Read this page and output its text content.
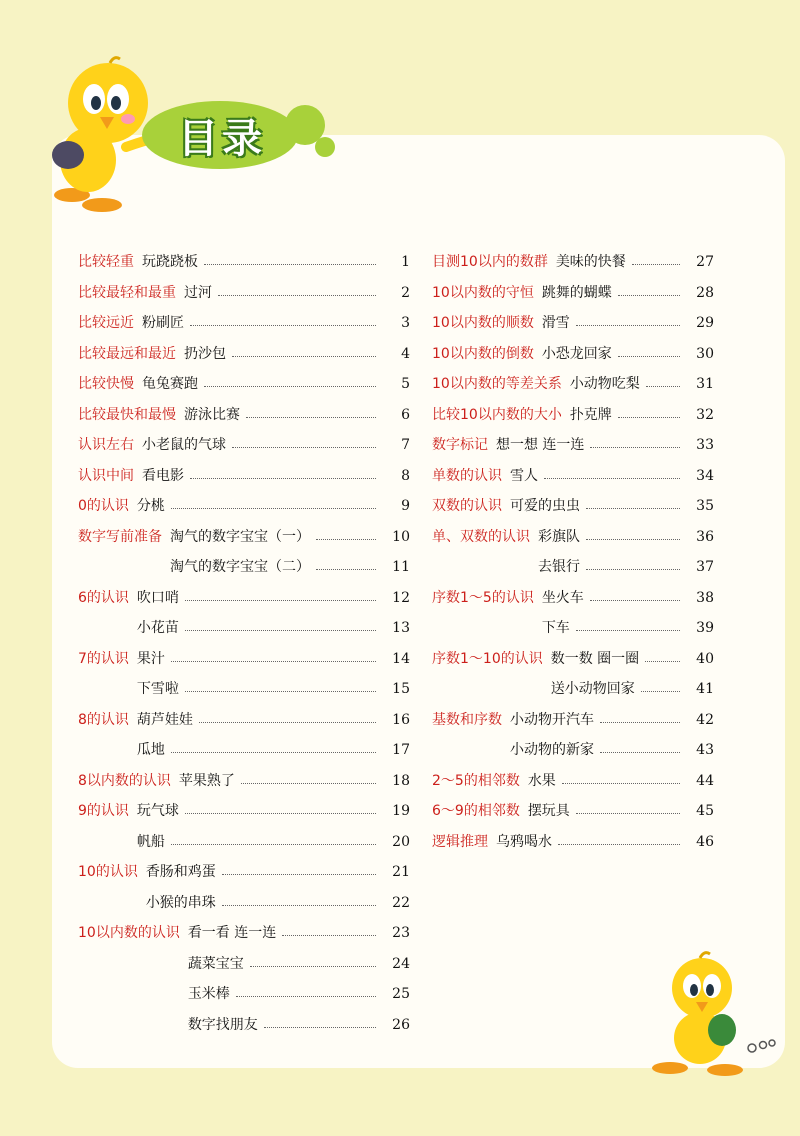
目录
比较轻重 玩跷跷板	1
比较最轻和最重 过河	2
比较远近 粉刷匠	3
比较最远和最近 扔沙包	4
比较快慢 龟兔赛跑	5
比较最快和最慢 游泳比赛	6
认识左右 小老鼠的气球	7
认识中间 看电影	8
0的认识 分桃	9
数字写前准备 淘气的数字宝宝（一）	10
淘气的数字宝宝（二）	11
6的认识 吹口哨	12
小花苗	13
7的认识 果汁	14
下雪啦	15
8的认识 葫芦娃娃	16
瓜地	17
8以内数的认识 苹果熟了	18
9的认识 玩气球	19
帆船	20
10的认识 香肠和鸡蛋	21
小猴的串珠	22
10以内数的认识 看一看 连一连	23
蔬菜宝宝	24
玉米棒	25
数字找朋友	26
目测10以内的数群 美味的快餐	27
10以内数的守恒 跳舞的蝴蝶	28
10以内数的顺数 滑雪	29
10以内数的倒数 小恐龙回家	30
10以内数的等差关系 小动物吃梨	31
比较10以内数的大小 扑克牌	32
数字标记 想一想 连一连	33
单数的认识 雪人	34
双数的认识 可爱的虫虫	35
单、双数的认识 彩旗队	36
去银行	37
序数1～5的认识 坐火车	38
下车	39
序数1～10的认识 数一数 圈一圈	40
送小动物回家	41
基数和序数 小动物开汽车	42
小动物的新家	43
2～5的相邻数 水果	44
6～9的相邻数 摆玩具	45
逻辑推理 乌鸦喝水	46
